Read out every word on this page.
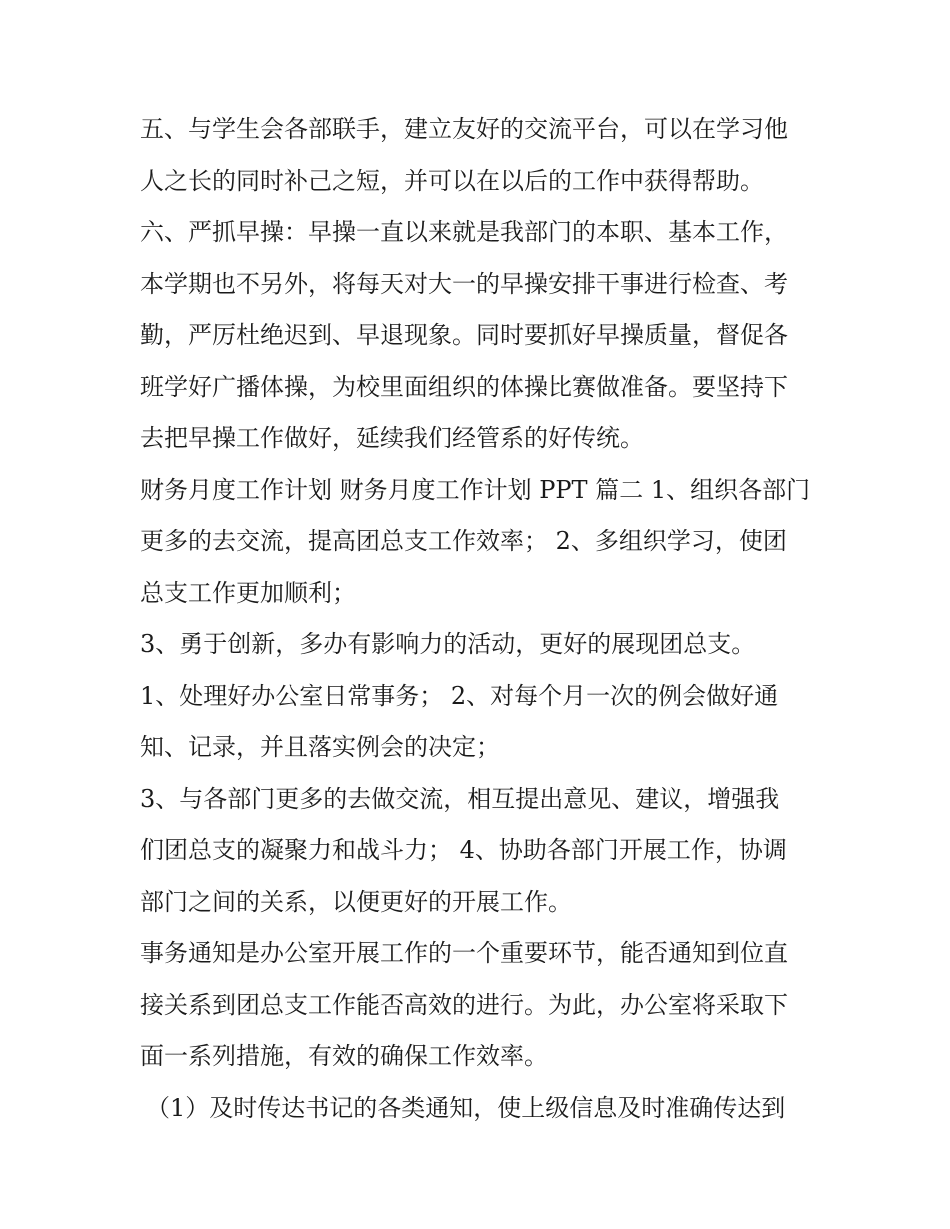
五、与学生会各部联手，建立友好的交流平台，可以在学习他
人之长的同时补己之短，并可以在以后的工作中获得帮助。
六、严抓早操：早操一直以来就是我部门的本职、基本工作，
本学期也不另外，将每天对大一的早操安排干事进行检查、考
勤，严厉杜绝迟到、早退现象。同时要抓好早操质量，督促各
班学好广播体操，为校里面组织的体操比赛做准备。要坚持下
去把早操工作做好，延续我们经管系的好传统。
财务月度工作计划 财务月度工作计划 PPT 篇二 1、组织各部门
更多的去交流，提高团总支工作效率； 2、多组织学习，使团
总支工作更加顺利；
3、勇于创新，多办有影响力的活动，更好的展现团总支。
1、处理好办公室日常事务； 2、对每个月一次的例会做好通
知、记录，并且落实例会的决定；
3、与各部门更多的去做交流，相互提出意见、建议，增强我
们团总支的凝聚力和战斗力； 4、协助各部门开展工作，协调
部门之间的关系，以便更好的开展工作。
事务通知是办公室开展工作的一个重要环节，能否通知到位直
接关系到团总支工作能否高效的进行。为此，办公室将采取下
面一系列措施，有效的确保工作效率。
（1）及时传达书记的各类通知，使上级信息及时准确传达到
